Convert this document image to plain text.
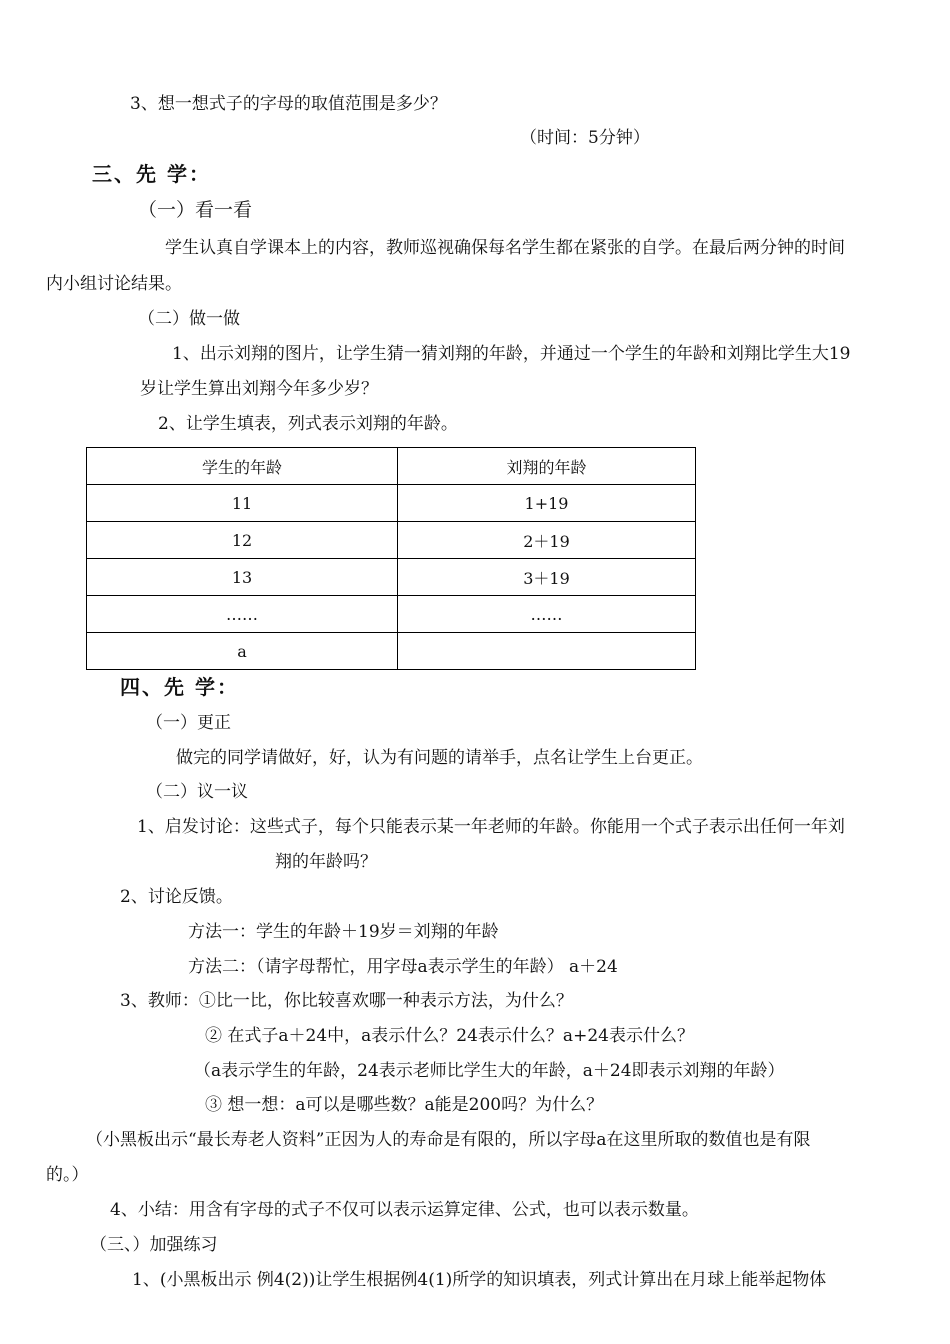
3、想一想式子的字母的取值范围是多少？
（时间：5分钟）
三、先 学：
（一）看一看
学生认真自学课本上的内容，教师巡视确保每名学生都在紧张的自学。在最后两分钟的时间
内小组讨论结果。
（二）做一做
1、出示刘翔的图片，让学生猜一猜刘翔的年龄，并通过一个学生的年龄和刘翔比学生大19
岁让学生算出刘翔今年多少岁？
2、让学生填表，列式表示刘翔的年龄。
学生的年龄	刘翔的年龄
11	1+19
12	2＋19
13	3＋19
……	……
a	
四、先 学：
（一）更正
做完的同学请做好，好，认为有问题的请举手，点名让学生上台更正。
（二）议一议
1、启发讨论：这些式子，每个只能表示某一年老师的年龄。你能用一个式子表示出任何一年刘
翔的年龄吗？
2、讨论反馈。
方法一：学生的年龄＋19岁＝刘翔的年龄
方法二：（请字母帮忙，用字母a表示学生的年龄） a＋24
3、教师：①比一比，你比较喜欢哪一种表示方法，为什么？
② 在式子a＋24中，a表示什么？24表示什么？a+24表示什么？
（a表示学生的年龄，24表示老师比学生大的年龄，a＋24即表示刘翔的年龄）
③ 想一想：a可以是哪些数？a能是200吗？为什么？
（小黑板出示“最长寿老人资料”正因为人的寿命是有限的，所以字母a在这里所取的数值也是有限
的。）
4、小结：用含有字母的式子不仅可以表示运算定律、公式，也可以表示数量。
（三、）加强练习
1、(小黑板出示 例4(2))让学生根据例4(1)所学的知识填表，列式计算出在月球上能举起物体
